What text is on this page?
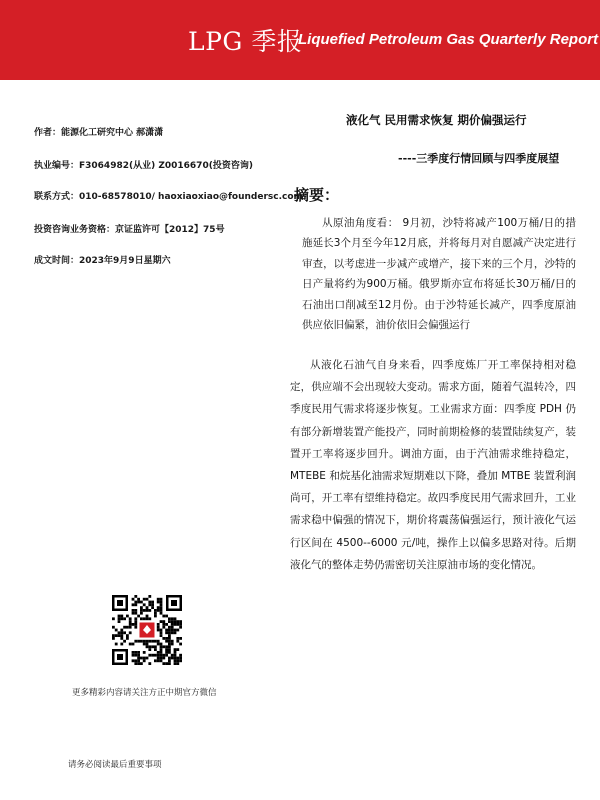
LPG 季报
Liquefied Petroleum Gas Quarterly Report
作者：能源化工研究中心 郝潇潇
执业编号：F3064982(从业) Z0016670(投资咨询)
联系方式：010-68578010/ haoxiaoxiao@foundersc.com
投资咨询业务资格：京证监许可【2012】75号
成文时间：2023年9月9日星期六
液化气 民用需求恢复 期价偏强运行
----三季度行情回顾与四季度展望
摘要：
从原油角度看： 9月初，沙特将减产100万桶/日的措施延长3个月至今年12月底，并将每月对自愿减产决定进行审查，以考虑进一步减产或增产，接下来的三个月，沙特的日产量将约为900万桶。俄罗斯亦宣布将延长30万桶/日的石油出口削减至12月份。由于沙特延长减产，四季度原油供应依旧偏紧，油价依旧会偏强运行
从液化石油气自身来看，四季度炼厂开工率保持相对稳定，供应端不会出现较大变动。需求方面，随着气温转冷，四季度民用气需求将逐步恢复。工业需求方面：四季度 PDH 仍有部分新增装置产能投产，同时前期检修的装置陆续复产，装置开工率将逐步回升。调油方面，由于汽油需求维持稳定，MTEBE 和烷基化油需求短期难以下降，叠加 MTBE 装置利润尚可，开工率有望维持稳定。故四季度民用气需求回升，工业需求稳中偏强的情况下，期价将震荡偏强运行，预计液化气运行区间在 4500--6000 元/吨，操作上以偏多思路对待。后期液化气的整体走势仍需密切关注原油市场的变化情况。
更多精彩内容请关注方正中期官方微信
请务必阅读最后重要事项
